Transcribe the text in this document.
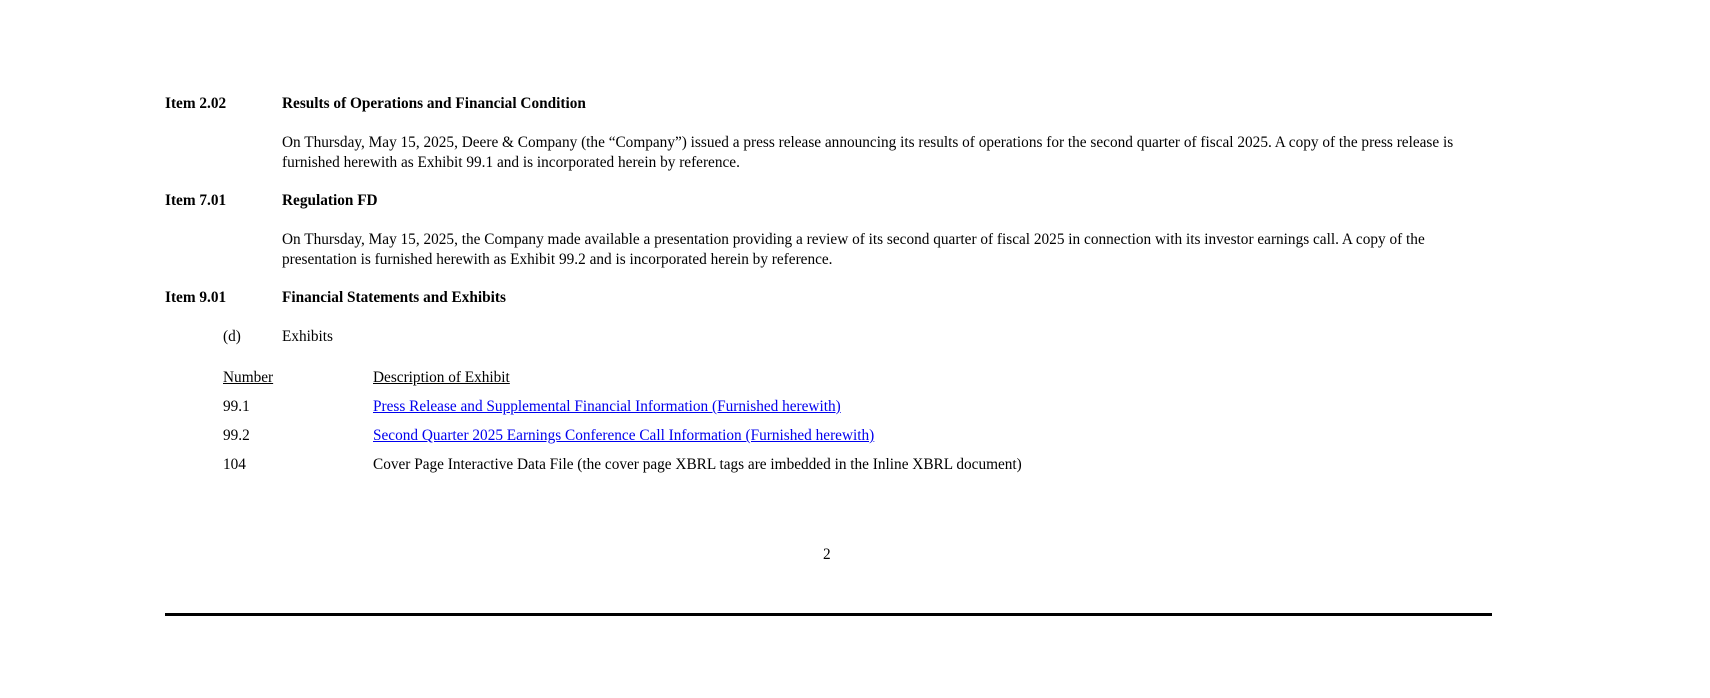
Item 2.02	Results of Operations and Financial Condition

On Thursday, May 15, 2025, Deere & Company (the “Company”) issued a press release announcing its results of operations for the second quarter of fiscal 2025. A copy of the press release is furnished herewith as Exhibit 99.1 and is incorporated herein by reference.

Item 7.01	Regulation FD

On Thursday, May 15, 2025, the Company made available a presentation providing a review of its second quarter of fiscal 2025 in connection with its investor earnings call. A copy of the presentation is furnished herewith as Exhibit 99.2 and is incorporated herein by reference.

Item 9.01	Financial Statements and Exhibits
(d)	Exhibits
Number	Description of Exhibit
99.1	Press Release and Supplemental Financial Information (Furnished herewith)
99.2	Second Quarter 2025 Earnings Conference Call Information (Furnished herewith)
104	Cover Page Interactive Data File (the cover page XBRL tags are imbedded in the Inline XBRL document)
2
